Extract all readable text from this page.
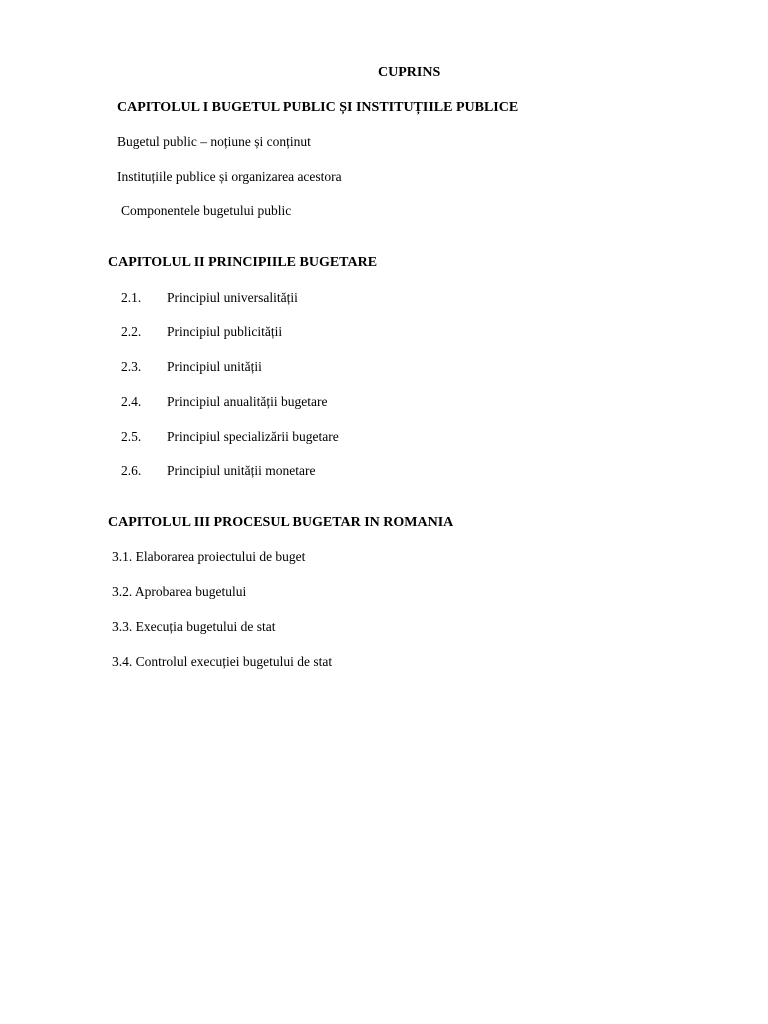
CUPRINS
CAPITOLUL I BUGETUL PUBLIC ȘI INSTITUȚIILE PUBLICE
Bugetul public – noțiune și conținut
Instituțiile publice și organizarea acestora
Componentele bugetului public
CAPITOLUL II PRINCIPIILE BUGETARE
2.1. Principiul universalității
2.2. Principiul publicității
2.3. Principiul unității
2.4. Principiul anualității bugetare
2.5. Principiul specializării bugetare
2.6. Principiul unității monetare
CAPITOLUL III PROCESUL BUGETAR IN ROMANIA
3.1. Elaborarea proiectului de buget
3.2. Aprobarea bugetului
3.3. Execuția bugetului de stat
3.4. Controlul execuției bugetului de stat
